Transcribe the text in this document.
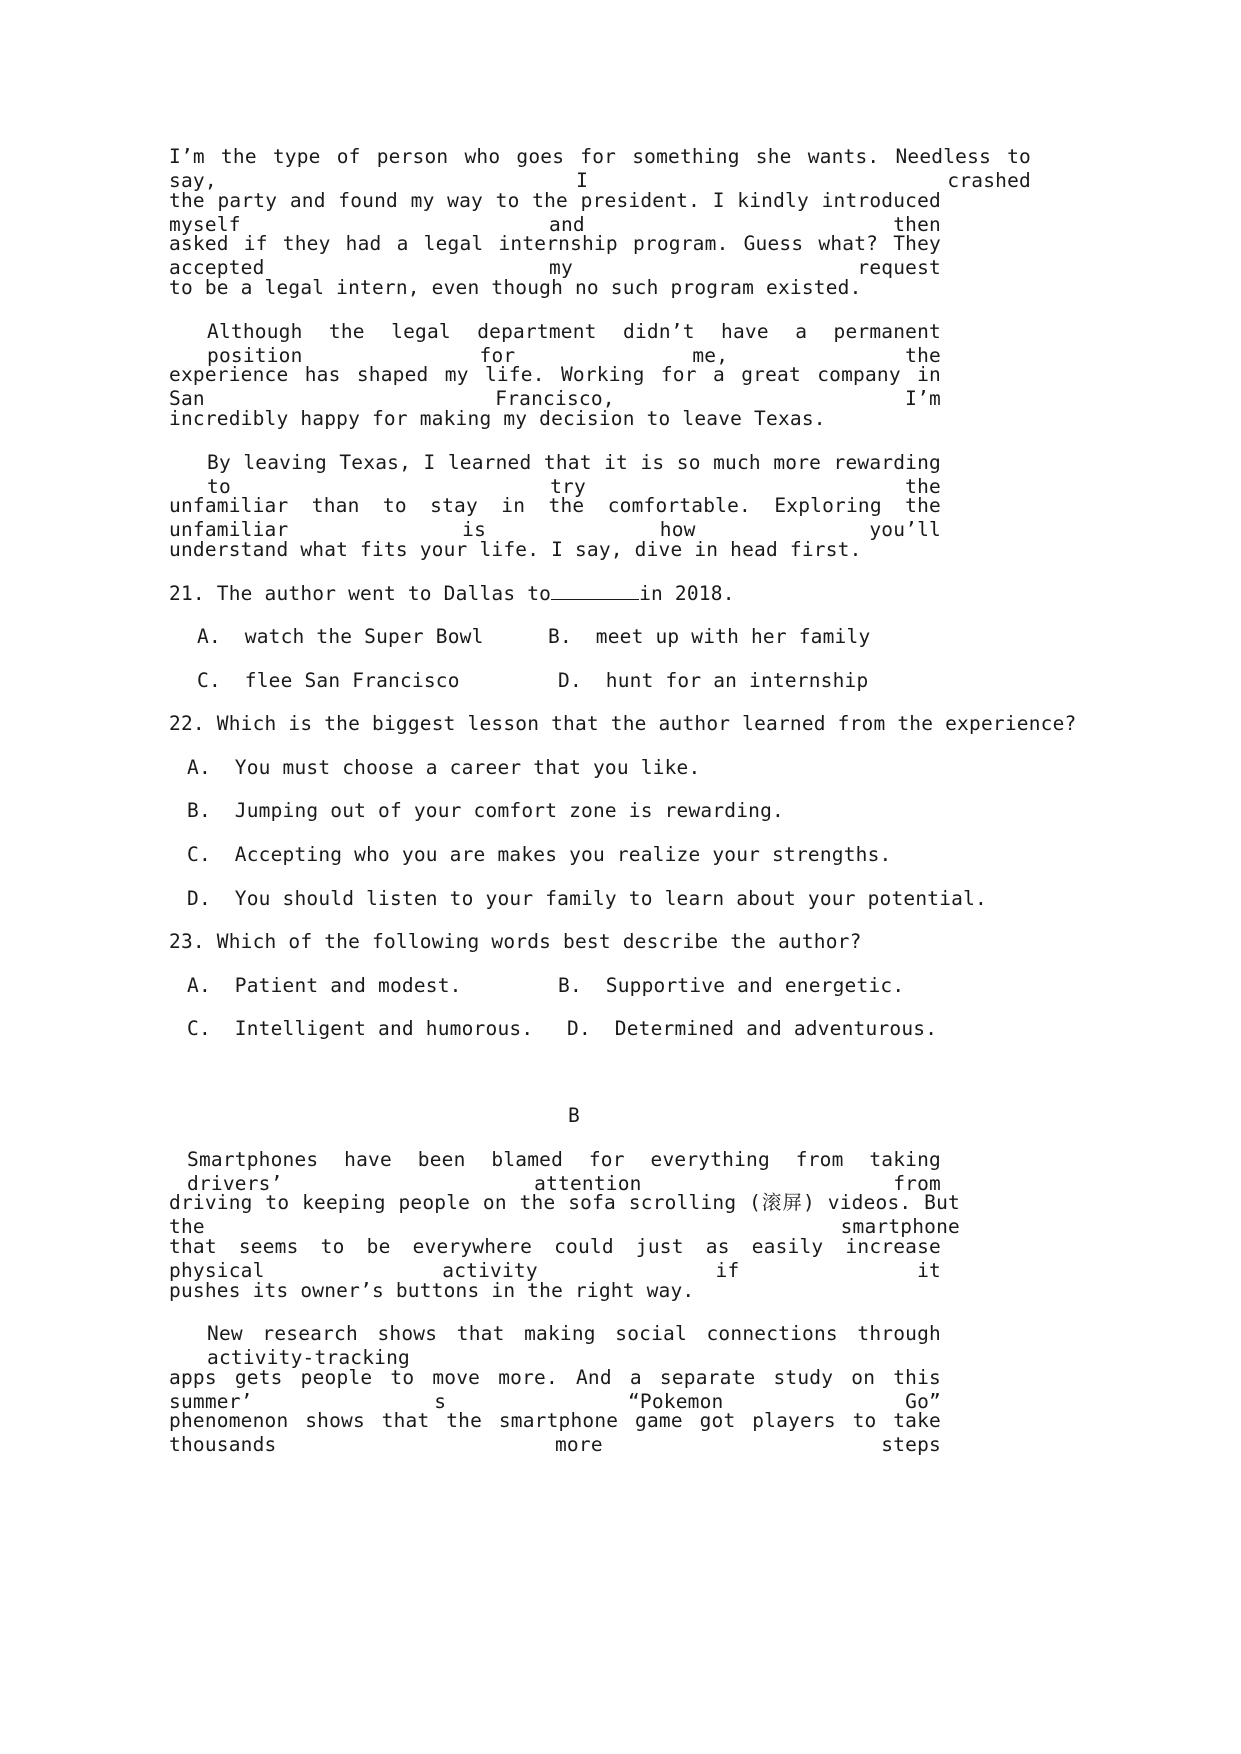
I’m the type of person who goes for something she wants. Needless to say, I crashed
the party and found my way to the president. I kindly introduced myself and then
asked if they had a legal internship program. Guess what? They accepted my request
to be a legal intern, even though no such program existed.
Although the legal department didn’t have a permanent position for me, the
experience has shaped my life. Working for a great company in San Francisco, I’m
incredibly happy for making my decision to leave Texas.
By leaving Texas, I learned that it is so much more rewarding to try the
unfamiliar than to stay in the comfortable. Exploring the unfamiliar is how you’ll
understand what fits your life. I say, dive in head first.
21. The author went to Dallas to	in 2018.
A.  watch the Super Bowl	B.  meet up with her family
C.  flee San Francisco	D.  hunt for an internship
22. Which is the biggest lesson that the author learned from the experience?
A.  You must choose a career that you like.
B.  Jumping out of your comfort zone is rewarding.
C.  Accepting who you are makes you realize your strengths.
D.  You should listen to your family to learn about your potential.
23. Which of the following words best describe the author?
A.  Patient and modest.	B.  Supportive and energetic.
C.  Intelligent and humorous. D.  Determined and adventurous.
B
Smartphones have been blamed for everything from taking drivers’ attention from
driving to keeping people on the sofa scrolling (滚屏) videos. But the smartphone
that seems to be everywhere could just as easily increase physical activity if it
pushes its owner’s buttons in the right way.
New research shows that making social connections through activity-tracking
apps gets people to move more. And a separate study on this summer’ s “Pokemon Go”
phenomenon shows that the smartphone game got players to take thousands more steps
